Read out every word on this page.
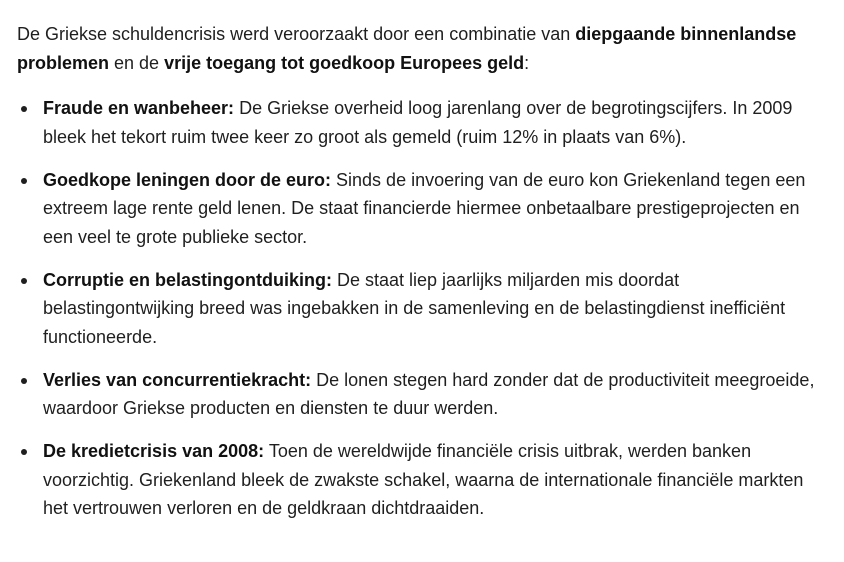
De Griekse schuldencrisis werd veroorzaakt door een combinatie van diepgaande binnenlandse problemen en de vrije toegang tot goedkoop Europees geld:

Fraude en wanbeheer: De Griekse overheid loog jarenlang over de begrotingscijfers. In 2009 bleek het tekort ruim twee keer zo groot als gemeld (ruim 12% in plaats van 6%).
Goedkope leningen door de euro: Sinds de invoering van de euro kon Griekenland tegen een extreem lage rente geld lenen. De staat financierde hiermee onbetaalbare prestigeprojecten en een veel te grote publieke sector.
Corruptie en belastingontduiking: De staat liep jaarlijks miljarden mis doordat belastingontwijking breed was ingebakken in de samenleving en de belastingdienst inefficiënt functioneerde.
Verlies van concurrentiekracht: De lonen stegen hard zonder dat de productiviteit meegroeide, waardoor Griekse producten en diensten te duur werden.
De kredietcrisis van 2008: Toen de wereldwijde financiële crisis uitbrak, werden banken voorzichtig. Griekenland bleek de zwakste schakel, waarna de internationale financiële markten het vertrouwen verloren en de geldkraan dichtdraaiden.
